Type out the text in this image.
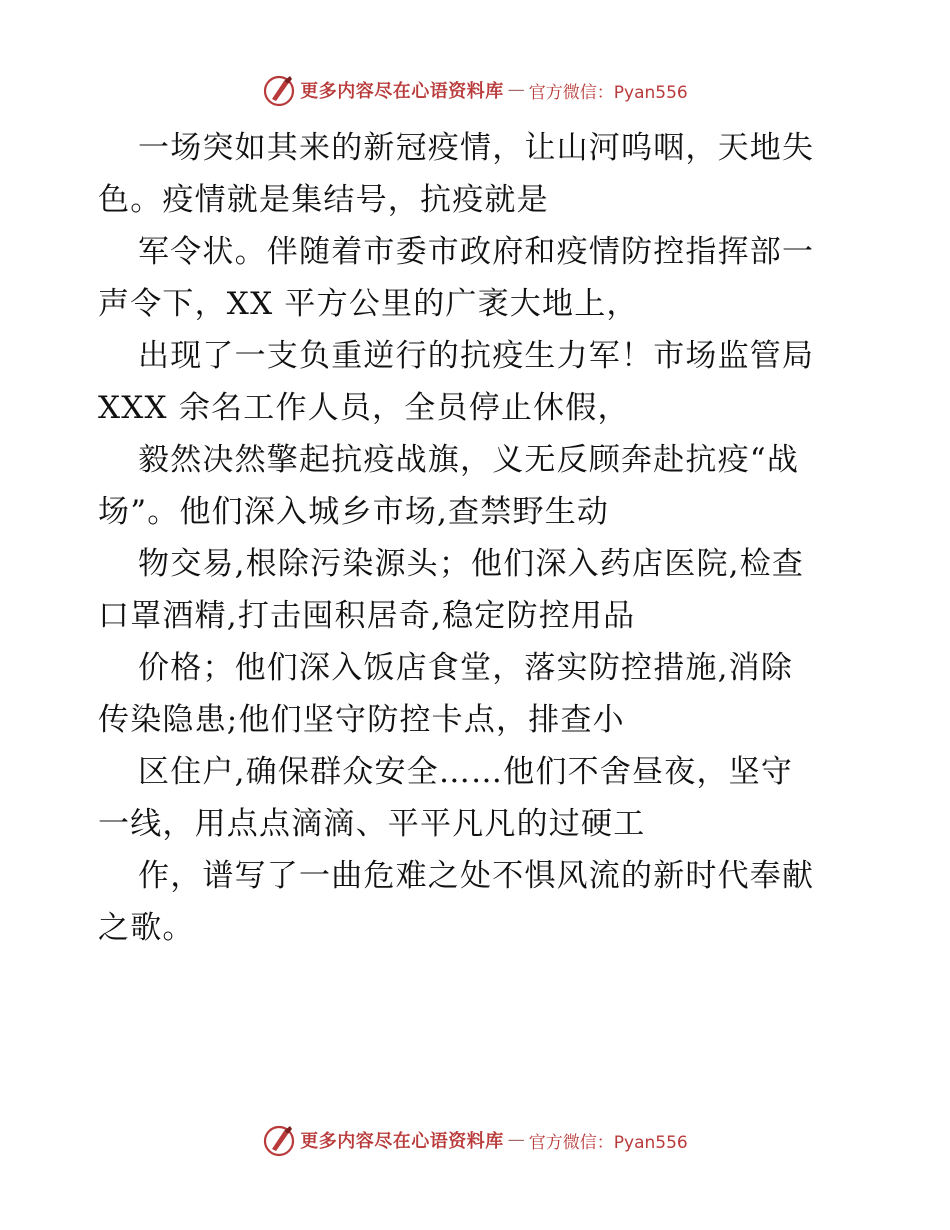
更多内容尽在心语资料库 — 官方微信：Pyan556
一场突如其来的新冠疫情，让山河呜咽，天地失
色。疫情就是集结号，抗疫就是
军令状。伴随着市委市政府和疫情防控指挥部一
声令下，XX 平方公里的广袤大地上，
出现了一支负重逆行的抗疫生力军！市场监管局
XXX 余名工作人员，全员停止休假，
毅然决然擎起抗疫战旗，义无反顾奔赴抗疫“战
场”。他们深入城乡市场,查禁野生动
物交易,根除污染源头；他们深入药店医院,检查
口罩酒精,打击囤积居奇,稳定防控用品
价格；他们深入饭店食堂，落实防控措施,消除
传染隐患;他们坚守防控卡点，排查小
区住户,确保群众安全……他们不舍昼夜，坚守
一线，用点点滴滴、平平凡凡的过硬工
作，谱写了一曲危难之处不惧风流的新时代奉献
之歌。
更多内容尽在心语资料库 — 官方微信：Pyan556
